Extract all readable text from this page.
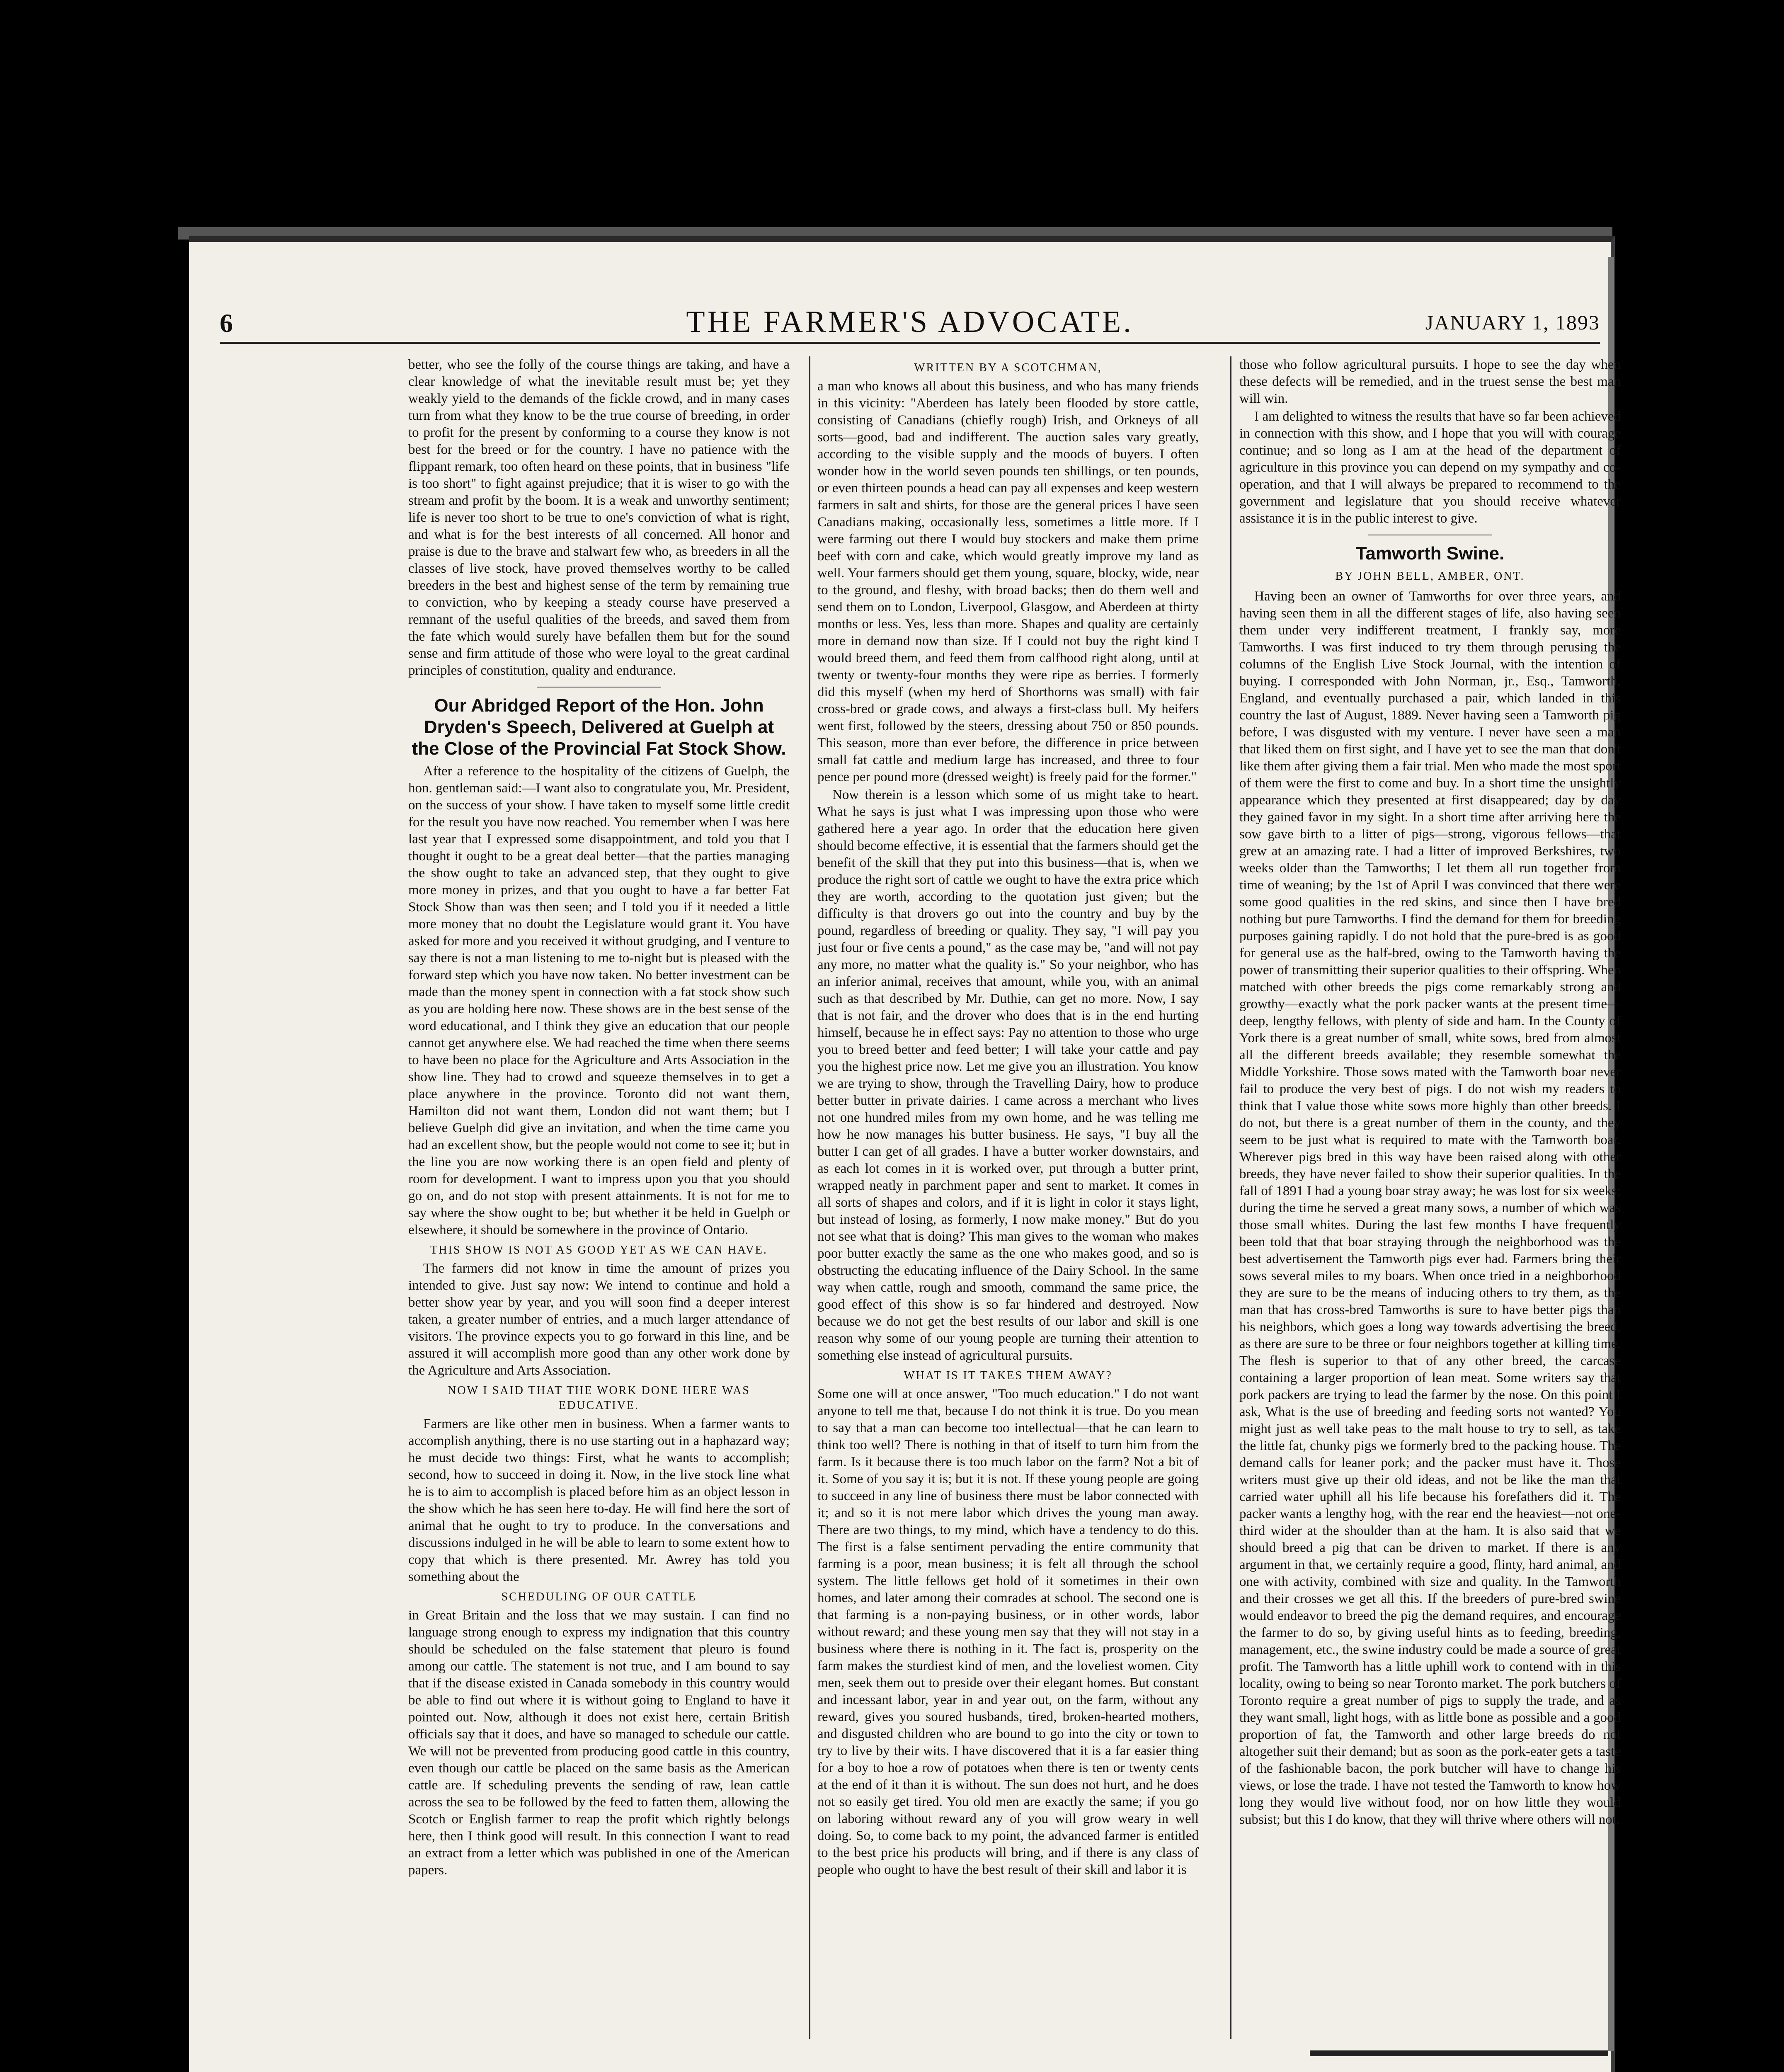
6	THE FARMER'S ADVOCATE.	JANUARY 1, 1893

better, who see the folly of the course things are taking, and have a clear knowledge of what the inevitable result must be; yet they weakly yield to the demands of the fickle crowd, and in many cases turn from what they know to be the true course of breeding, in order to profit for the present by conforming to a course they know is not best for the breed or for the country. I have no patience with the flippant remark, too often heard on these points, that in business "life is too short" to fight against prejudice; that it is wiser to go with the stream and profit by the boom. It is a weak and unworthy sentiment; life is never too short to be true to one's conviction of what is right, and what is for the best interests of all concerned. All honor and praise is due to the brave and stalwart few who, as breeders in all the classes of live stock, have proved themselves worthy to be called breeders in the best and highest sense of the term by remaining true to conviction, who by keeping a steady course have preserved a remnant of the useful qualities of the breeds, and saved them from the fate which would surely have befallen them but for the sound sense and firm attitude of those who were loyal to the great cardinal principles of constitution, quality and endurance.

Our Abridged Report of the Hon. John Dryden's Speech, Delivered at Guelph at the Close of the Provincial Fat Stock Show.

After a reference to the hospitality of the citizens of Guelph, the hon. gentleman said:—I want also to congratulate you, Mr. President, on the success of your show. I have taken to myself some little credit for the result you have now reached. You remember when I was here last year that I expressed some disappointment, and told you that I thought it ought to be a great deal better—that the parties managing the show ought to take an advanced step, that they ought to give more money in prizes, and that you ought to have a far better Fat Stock Show than was then seen; and I told you if it needed a little more money that no doubt the Legislature would grant it. You have asked for more and you received it without grudging, and I venture to say there is not a man listening to me to-night but is pleased with the forward step which you have now taken. No better investment can be made than the money spent in connection with a fat stock show such as you are holding here now. These shows are in the best sense of the word educational, and I think they give an education that our people cannot get anywhere else. We had reached the time when there seems to have been no place for the Agriculture and Arts Association in the show line. They had to crowd and squeeze themselves in to get a place anywhere in the province. Toronto did not want them, Hamilton did not want them, London did not want them; but I believe Guelph did give an invitation, and when the time came you had an excellent show, but the people would not come to see it; but in the line you are now working there is an open field and plenty of room for development. I want to impress upon you that you should go on, and do not stop with present attainments. It is not for me to say where the show ought to be; but whether it be held in Guelph or elsewhere, it should be somewhere in the province of Ontario.

THIS SHOW IS NOT AS GOOD YET AS WE CAN HAVE.

The farmers did not know in time the amount of prizes you intended to give. Just say now: We intend to continue and hold a better show year by year, and you will soon find a deeper interest taken, a greater number of entries, and a much larger attendance of visitors. The province expects you to go forward in this line, and be assured it will accomplish more good than any other work done by the Agriculture and Arts Association.

NOW I SAID THAT THE WORK DONE HERE WAS EDUCATIVE.

Farmers are like other men in business. When a farmer wants to accomplish anything, there is no use starting out in a haphazard way; he must decide two things: First, what he wants to accomplish; second, how to succeed in doing it. Now, in the live stock line what he is to aim to accomplish is placed before him as an object lesson in the show which he has seen here to-day. He will find here the sort of animal that he ought to try to produce. In the conversations and discussions indulged in he will be able to learn to some extent how to copy that which is there presented. Mr. Awrey has told you something about the

SCHEDULING OF OUR CATTLE

in Great Britain and the loss that we may sustain. I can find no language strong enough to express my indignation that this country should be scheduled on the false statement that pleuro is found among our cattle. The statement is not true, and I am bound to say that if the disease existed in Canada somebody in this country would be able to find out where it is without going to England to have it pointed out. Now, although it does not exist here, certain British officials say that it does, and have so managed to schedule our cattle. We will not be prevented from producing good cattle in this country, even though our cattle be placed on the same basis as the American cattle are. If scheduling prevents the sending of raw, lean cattle across the sea to be followed by the feed to fatten them, allowing the Scotch or English farmer to reap the profit which rightly belongs here, then I think good will result. In this connection I want to read an extract from a letter which was published in one of the American papers.

WRITTEN BY A SCOTCHMAN,

a man who knows all about this business, and who has many friends in this vicinity: "Aberdeen has lately been flooded by store cattle, consisting of Canadians (chiefly rough) Irish, and Orkneys of all sorts—good, bad and indifferent. The auction sales vary greatly, according to the visible supply and the moods of buyers. I often wonder how in the world seven pounds ten shillings, or ten pounds, or even thirteen pounds a head can pay all expenses and keep western farmers in salt and shirts, for those are the general prices I have seen Canadians making, occasionally less, sometimes a little more. If I were farming out there I would buy stockers and make them prime beef with corn and cake, which would greatly improve my land as well. Your farmers should get them young, square, blocky, wide, near to the ground, and fleshy, with broad backs; then do them well and send them on to London, Liverpool, Glasgow, and Aberdeen at thirty months or less. Yes, less than more. Shapes and quality are certainly more in demand now than size. If I could not buy the right kind I would breed them, and feed them from calfhood right along, until at twenty or twenty-four months they were ripe as berries. I formerly did this myself (when my herd of Shorthorns was small) with fair cross-bred or grade cows, and always a first-class bull. My heifers went first, followed by the steers, dressing about 750 or 850 pounds. This season, more than ever before, the difference in price between small fat cattle and medium large has increased, and three to four pence per pound more (dressed weight) is freely paid for the former."

Now therein is a lesson which some of us might take to heart. What he says is just what I was impressing upon those who were gathered here a year ago. In order that the education here given should become effective, it is essential that the farmers should get the benefit of the skill that they put into this business—that is, when we produce the right sort of cattle we ought to have the extra price which they are worth, according to the quotation just given; but the difficulty is that drovers go out into the country and buy by the pound, regardless of breeding or quality. They say, "I will pay you just four or five cents a pound," as the case may be, "and will not pay any more, no matter what the quality is." So your neighbor, who has an inferior animal, receives that amount, while you, with an animal such as that described by Mr. Duthie, can get no more. Now, I say that is not fair, and the drover who does that is in the end hurting himself, because he in effect says: Pay no attention to those who urge you to breed better and feed better; I will take your cattle and pay you the highest price now. Let me give you an illustration. You know we are trying to show, through the Travelling Dairy, how to produce better butter in private dairies. I came across a merchant who lives not one hundred miles from my own home, and he was telling me how he now manages his butter business. He says, "I buy all the butter I can get of all grades. I have a butter worker downstairs, and as each lot comes in it is worked over, put through a butter print, wrapped neatly in parchment paper and sent to market. It comes in all sorts of shapes and colors, and if it is light in color it stays light, but instead of losing, as formerly, I now make money." But do you not see what that is doing? This man gives to the woman who makes poor butter exactly the same as the one who makes good, and so is obstructing the educating influence of the Dairy School. In the same way when cattle, rough and smooth, command the same price, the good effect of this show is so far hindered and destroyed. Now because we do not get the best results of our labor and skill is one reason why some of our young people are turning their attention to something else instead of agricultural pursuits.

WHAT IS IT TAKES THEM AWAY?

Some one will at once answer, "Too much education." I do not want anyone to tell me that, because I do not think it is true. Do you mean to say that a man can become too intellectual—that he can learn to think too well? There is nothing in that of itself to turn him from the farm. Is it because there is too much labor on the farm? Not a bit of it. Some of you say it is; but it is not. If these young people are going to succeed in any line of business there must be labor connected with it; and so it is not mere labor which drives the young man away. There are two things, to my mind, which have a tendency to do this. The first is a false sentiment pervading the entire community that farming is a poor, mean business; it is felt all through the school system. The little fellows get hold of it sometimes in their own homes, and later among their comrades at school. The second one is that farming is a non-paying business, or in other words, labor without reward; and these young men say that they will not stay in a business where there is nothing in it. The fact is, prosperity on the farm makes the sturdiest kind of men, and the loveliest women. City men, seek them out to preside over their elegant homes. But constant and incessant labor, year in and year out, on the farm, without any reward, gives you soured husbands, tired, broken-hearted mothers, and disgusted children who are bound to go into the city or town to try to live by their wits. I have discovered that it is a far easier thing for a boy to hoe a row of potatoes when there is ten or twenty cents at the end of it than it is without. The sun does not hurt, and he does not so easily get tired. You old men are exactly the same; if you go on laboring without reward any of you will grow weary in well doing. So, to come back to my point, the advanced farmer is entitled to the best price his products will bring, and if there is any class of people who ought to have the best result of their skill and labor it is

those who follow agricultural pursuits. I hope to see the day when these defects will be remedied, and in the truest sense the best man will win.

I am delighted to witness the results that have so far been achieved in connection with this show, and I hope that you will with courage continue; and so long as I am at the head of the department of agriculture in this province you can depend on my sympathy and co-operation, and that I will always be prepared to recommend to the government and legislature that you should receive whatever assistance it is in the public interest to give.

Tamworth Swine.
BY JOHN BELL, AMBER, ONT.

Having been an owner of Tamworths for over three years, and having seen them in all the different stages of life, also having seen them under very indifferent treatment, I frankly say, more Tamworths. I was first induced to try them through perusing the columns of the English Live Stock Journal, with the intention of buying. I corresponded with John Norman, jr., Esq., Tamworth, England, and eventually purchased a pair, which landed in this country the last of August, 1889. Never having seen a Tamworth pig before, I was disgusted with my venture. I never have seen a man that liked them on first sight, and I have yet to see the man that don't like them after giving them a fair trial. Men who made the most sport of them were the first to come and buy. In a short time the unsightly appearance which they presented at first disappeared; day by day they gained favor in my sight. In a short time after arriving here the sow gave birth to a litter of pigs—strong, vigorous fellows—that grew at an amazing rate. I had a litter of improved Berkshires, two weeks older than the Tamworths; I let them all run together from time of weaning; by the 1st of April I was convinced that there were some good qualities in the red skins, and since then I have bred nothing but pure Tamworths. I find the demand for them for breeding purposes gaining rapidly. I do not hold that the pure-bred is as good for general use as the half-bred, owing to the Tamworth having the power of transmitting their superior qualities to their offspring. When matched with other breeds the pigs come remarkably strong and growthy—exactly what the pork packer wants at the present time—deep, lengthy fellows, with plenty of side and ham. In the County of York there is a great number of small, white sows, bred from almost all the different breeds available; they resemble somewhat the Middle Yorkshire. Those sows mated with the Tamworth boar never fail to produce the very best of pigs. I do not wish my readers to think that I value those white sows more highly than other breeds. I do not, but there is a great number of them in the county, and they seem to be just what is required to mate with the Tamworth boar. Wherever pigs bred in this way have been raised along with other breeds, they have never failed to show their superior qualities. In the fall of 1891 I had a young boar stray away; he was lost for six weeks; during the time he served a great many sows, a number of which was those small whites. During the last few months I have frequently been told that that boar straying through the neighborhood was the best advertisement the Tamworth pigs ever had. Farmers bring their sows several miles to my boars. When once tried in a neighborhood they are sure to be the means of inducing others to try them, as the man that has cross-bred Tamworths is sure to have better pigs than his neighbors, which goes a long way towards advertising the breed, as there are sure to be three or four neighbors together at killing time. The flesh is superior to that of any other breed, the carcase containing a larger proportion of lean meat. Some writers say that pork packers are trying to lead the farmer by the nose. On this point I ask, What is the use of breeding and feeding sorts not wanted? You might just as well take peas to the malt house to try to sell, as take the little fat, chunky pigs we formerly bred to the packing house. The demand calls for leaner pork; and the packer must have it. Those writers must give up their old ideas, and not be like the man that carried water uphill all his life because his forefathers did it. The packer wants a lengthy hog, with the rear end the heaviest—not one-third wider at the shoulder than at the ham. It is also said that we should breed a pig that can be driven to market. If there is any argument in that, we certainly require a good, flinty, hard animal, and one with activity, combined with size and quality. In the Tamworth and their crosses we get all this. If the breeders of pure-bred swine would endeavor to breed the pig the demand requires, and encourage the farmer to do so, by giving useful hints as to feeding, breeding, management, etc., the swine industry could be made a source of great profit. The Tamworth has a little uphill work to contend with in this locality, owing to being so near Toronto market. The pork butchers of Toronto require a great number of pigs to supply the trade, and as they want small, light hogs, with as little bone as possible and a good proportion of fat, the Tamworth and other large breeds do not altogether suit their demand; but as soon as the pork-eater gets a taste of the fashionable bacon, the pork butcher will have to change his views, or lose the trade. I have not tested the Tamworth to know how long they would live without food, nor on how little they would subsist; but this I do know, that they will thrive where others will not.
